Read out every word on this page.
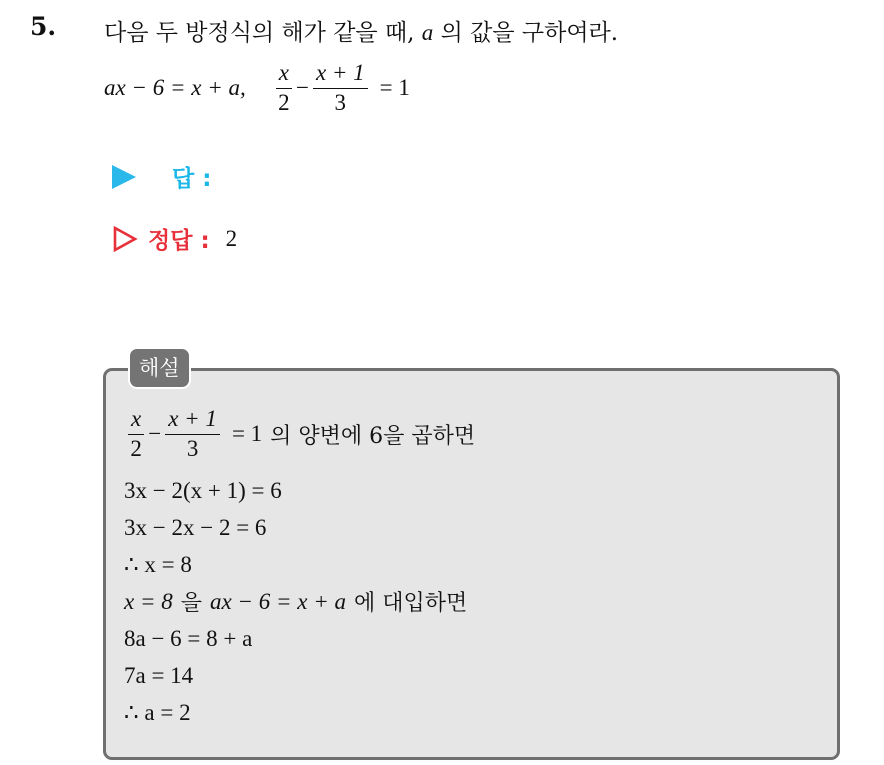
5. 다음 두 방정식의 해가 같을 때, a 의 값을 구하여라.
ax − 6 = x + a, $\frac{x}{2} - \frac{x + 1}{3} = 1$
답 :
정답 : 2
해설
$\frac{x}{2} - \frac{x + 1}{3} = 1$ 의 양변에 6을 곱하면
3x − 2(x + 1) = 6
3x − 2x − 2 = 6
∴ x = 8
x = 8 을 ax − 6 = x + a 에 대입하면
8a − 6 = 8 + a
7a = 14
∴ a = 2
